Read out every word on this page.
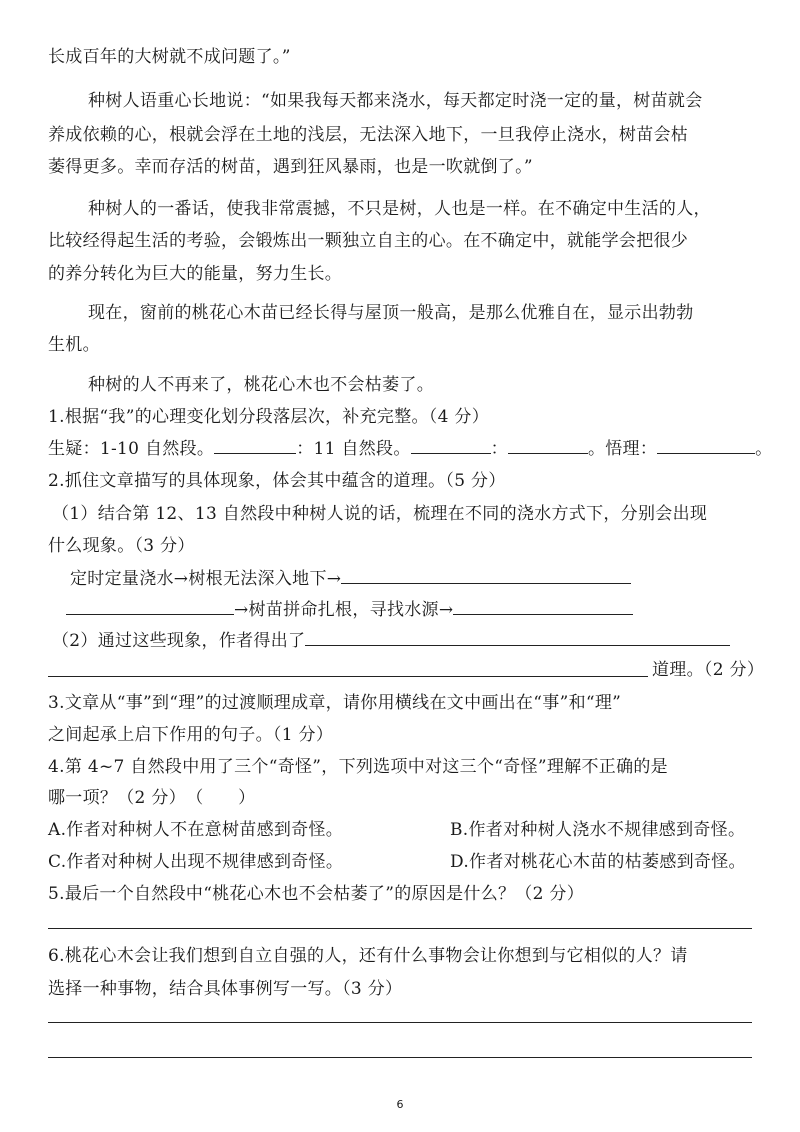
长成百年的大树就不成问题了。”
种树人语重心长地说：“如果我每天都来浇水，每天都定时浇一定的量，树苗就会
养成依赖的心，根就会浮在土地的浅层，无法深入地下，一旦我停止浇水，树苗会枯
萎得更多。幸而存活的树苗，遇到狂风暴雨，也是一吹就倒了。”
种树人的一番话，使我非常震撼，不只是树，人也是一样。在不确定中生活的人，
比较经得起生活的考验，会锻炼出一颗独立自主的心。在不确定中，就能学会把很少
的养分转化为巨大的能量，努力生长。
现在，窗前的桃花心木苗已经长得与屋顶一般高，是那么优雅自在，显示出勃勃
生机。
种树的人不再来了，桃花心木也不会枯萎了。
1.根据“我”的心理变化划分段落层次，补充完整。（4 分）
生疑：1-10 自然段。	：11 自然段。	：	。悟理：	。
2.抓住文章描写的具体现象，体会其中蕴含的道理。（5 分）
（1）结合第 12、13 自然段中种树人说的话，梳理在不同的浇水方式下，分别会出现
什么现象。（3 分）
定时定量浇水→树根无法深入地下→
→树苗拼命扎根，寻找水源→
（2）通过这些现象，作者得出了
道理。（2 分）
3.文章从“事”到“理”的过渡顺理成章，请你用横线在文中画出在“事”和“理”
之间起承上启下作用的句子。（1 分）
4.第 4~7 自然段中用了三个“奇怪”，下列选项中对这三个“奇怪”理解不正确的是
哪一项？（2 分）　（　　）
A.作者对种树人不在意树苗感到奇怪。	B.作者对种树人浇水不规律感到奇怪。
C.作者对种树人出现不规律感到奇怪。	D.作者对桃花心木苗的枯萎感到奇怪。
5.最后一个自然段中“桃花心木也不会枯萎了”的原因是什么？（2 分）
6.桃花心木会让我们想到自立自强的人，还有什么事物会让你想到与它相似的人？请
选择一种事物，结合具体事例写一写。（3 分）
6
